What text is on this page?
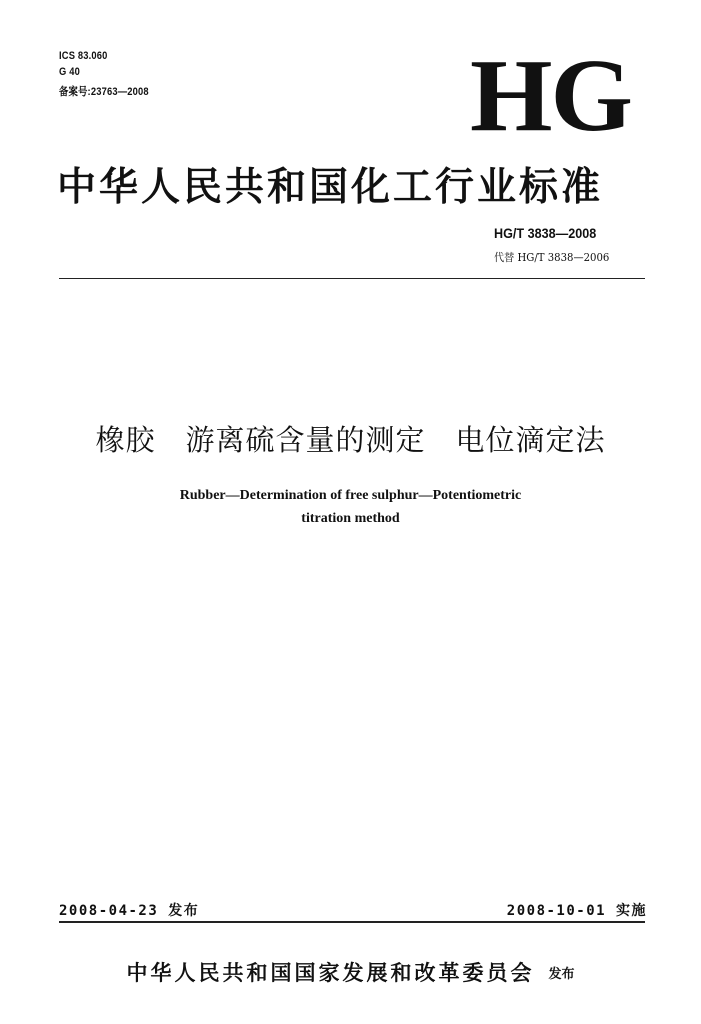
ICS 83.060
G 40
备案号:23763—2008	HG
中华人民共和国化工行业标准
HG/T 3838—2008
代替 HG/T 3838—2006
橡胶　游离硫含量的测定　电位滴定法
Rubber—Determination of free sulphur—Potentiometric
titration method
2008-04-23 发布	2008-10-01 实施
中华人民共和国国家发展和改革委员会 发布
